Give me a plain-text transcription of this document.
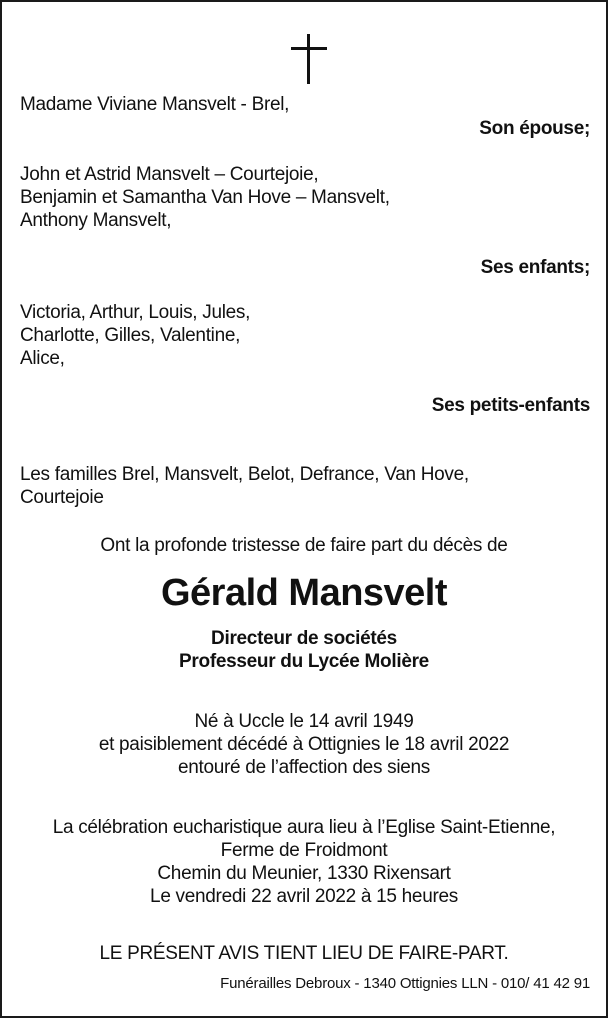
Madame Viviane Mansvelt - Brel,
Son épouse;
John et Astrid Mansvelt – Courtejoie,
Benjamin et Samantha Van Hove – Mansvelt,
Anthony Mansvelt,
Ses enfants;
Victoria, Arthur, Louis, Jules,
Charlotte, Gilles, Valentine,
Alice,
Ses petits-enfants
Les familles Brel, Mansvelt, Belot, Defrance, Van Hove,
Courtejoie
Ont la profonde tristesse de faire part du décès de
Gérald Mansvelt
Directeur de sociétés
Professeur du Lycée Molière
Né à Uccle le 14 avril 1949
et paisiblement décédé à Ottignies le 18 avril 2022
entouré de l’affection des siens
La célébration eucharistique aura lieu à l’Eglise Saint-Etienne,
Ferme de Froidmont
Chemin du Meunier, 1330 Rixensart
Le vendredi 22 avril 2022 à 15 heures
LE PRÉSENT AVIS TIENT LIEU DE FAIRE-PART.
Funérailles Debroux - 1340 Ottignies LLN - 010/ 41 42 91
